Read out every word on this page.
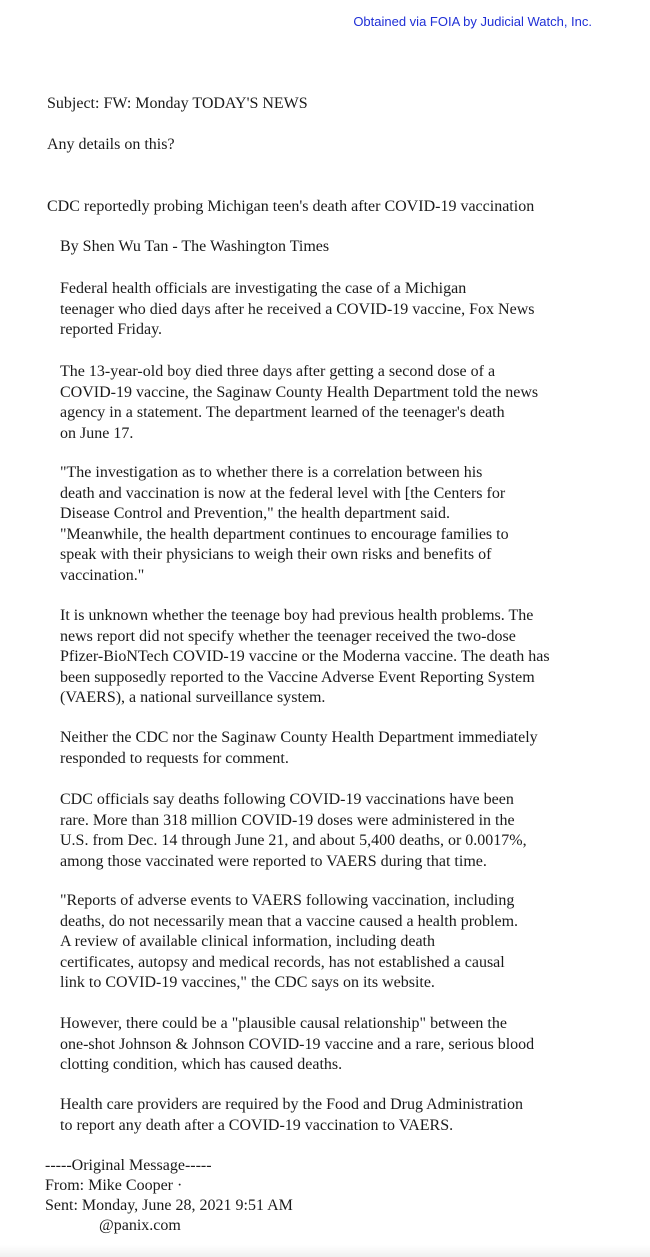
Obtained via FOIA by Judicial Watch, Inc.

Subject: FW: Monday TODAY'S NEWS

Any details on this?

CDC reportedly probing Michigan teen's death after COVID-19 vaccination

By Shen Wu Tan - The Washington Times

Federal health officials are investigating the case of a Michigan
teenager who died days after he received a COVID-19 vaccine, Fox News
reported Friday.
The 13-year-old boy died three days after getting a second dose of a
COVID-19 vaccine, the Saginaw County Health Department told the news
agency in a statement. The department learned of the teenager's death
on June 17.
"The investigation as to whether there is a correlation between his
death and vaccination is now at the federal level with [the Centers for
Disease Control and Prevention," the health department said.
"Meanwhile, the health department continues to encourage families to
speak with their physicians to weigh their own risks and benefits of
vaccination."
It is unknown whether the teenage boy had previous health problems. The
news report did not specify whether the teenager received the two-dose
Pfizer-BioNTech COVID-19 vaccine or the Moderna vaccine. The death has
been supposedly reported to the Vaccine Adverse Event Reporting System
(VAERS), a national surveillance system.
Neither the CDC nor the Saginaw County Health Department immediately
responded to requests for comment.
CDC officials say deaths following COVID-19 vaccinations have been
rare. More than 318 million COVID-19 doses were administered in the
U.S. from Dec. 14 through June 21, and about 5,400 deaths, or 0.0017%,
among those vaccinated were reported to VAERS during that time.
"Reports of adverse events to VAERS following vaccination, including
deaths, do not necessarily mean that a vaccine caused a health problem.
A review of available clinical information, including death
certificates, autopsy and medical records, has not established a causal
link to COVID-19 vaccines," the CDC says on its website.
However, there could be a "plausible causal relationship" between the
one-shot Johnson & Johnson COVID-19 vaccine and a rare, serious blood
clotting condition, which has caused deaths.
Health care providers are required by the Food and Drug Administration
to report any death after a COVID-19 vaccination to VAERS.
-----Original Message-----
From: Mike Cooper ·
Sent: Monday, June 28, 2021 9:51 AM
@panix.com
